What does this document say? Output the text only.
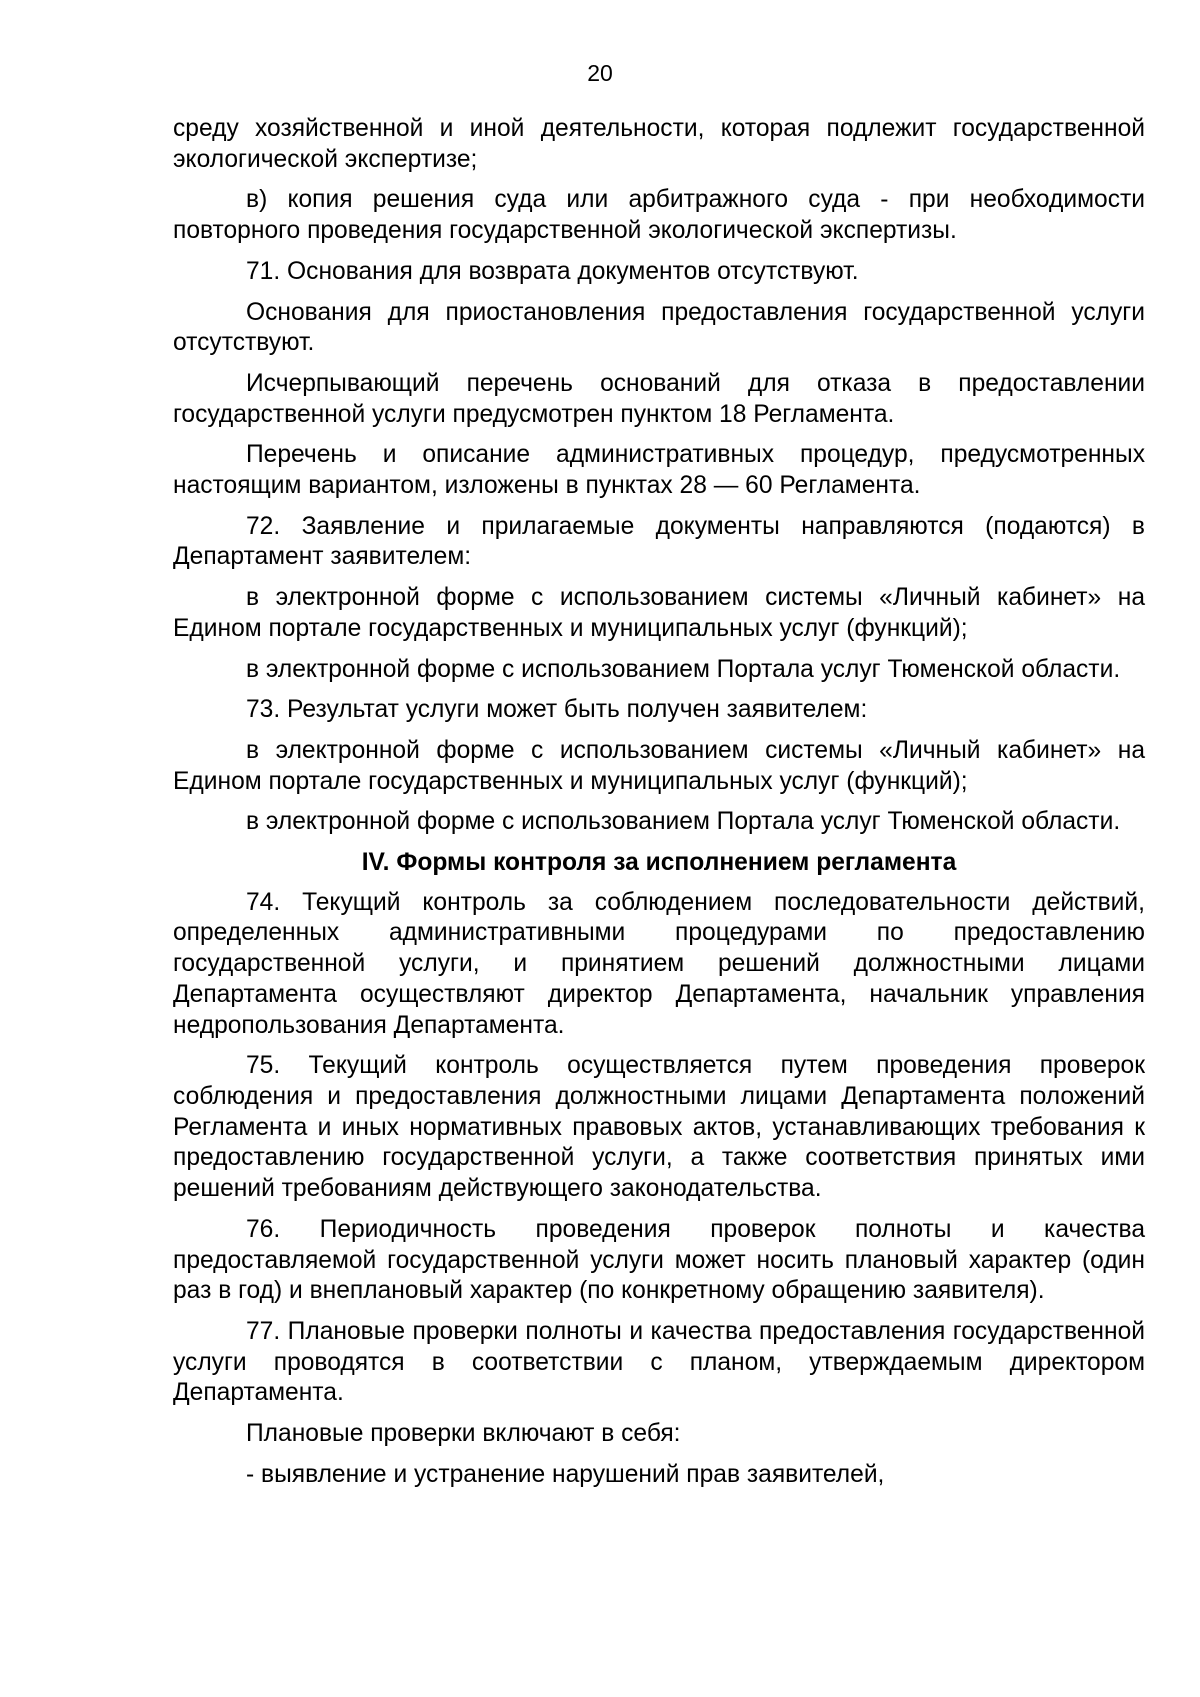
20

среду хозяйственной и иной деятельности, которая подлежит государственной экологической экспертизе;

в) копия решения суда или арбитражного суда - при необходимости повторного проведения государственной экологической экспертизы.

71. Основания для возврата документов отсутствуют.

Основания для приостановления предоставления государственной услуги отсутствуют.

Исчерпывающий перечень оснований для отказа в предоставлении государственной услуги предусмотрен пунктом 18 Регламента.

Перечень и описание административных процедур, предусмотренных настоящим вариантом, изложены в пунктах 28 — 60 Регламента.

72. Заявление и прилагаемые документы направляются (подаются) в Департамент заявителем:

в электронной форме с использованием системы «Личный кабинет» на Едином портале государственных и муниципальных услуг (функций);

в электронной форме с использованием Портала услуг Тюменской области.

73. Результат услуги может быть получен заявителем:

в электронной форме с использованием системы «Личный кабинет» на Едином портале государственных и муниципальных услуг (функций);

в электронной форме с использованием Портала услуг Тюменской области.

IV. Формы контроля за исполнением регламента

74. Текущий контроль за соблюдением последовательности действий, определенных административными процедурами по предоставлению государственной услуги, и принятием решений должностными лицами Департамента осуществляют директор Департамента, начальник управления недропользования Департамента.

75. Текущий контроль осуществляется путем проведения проверок соблюдения и предоставления должностными лицами Департамента положений Регламента и иных нормативных правовых актов, устанавливающих требования к предоставлению государственной услуги, а также соответствия принятых ими решений требованиям действующего законодательства.

76. Периодичность проведения проверок полноты и качества предоставляемой государственной услуги может носить плановый характер (один раз в год) и внеплановый характер (по конкретному обращению заявителя).

77. Плановые проверки полноты и качества предоставления государственной услуги проводятся в соответствии с планом, утверждаемым директором Департамента.

Плановые проверки включают в себя:

- выявление и устранение нарушений прав заявителей,
